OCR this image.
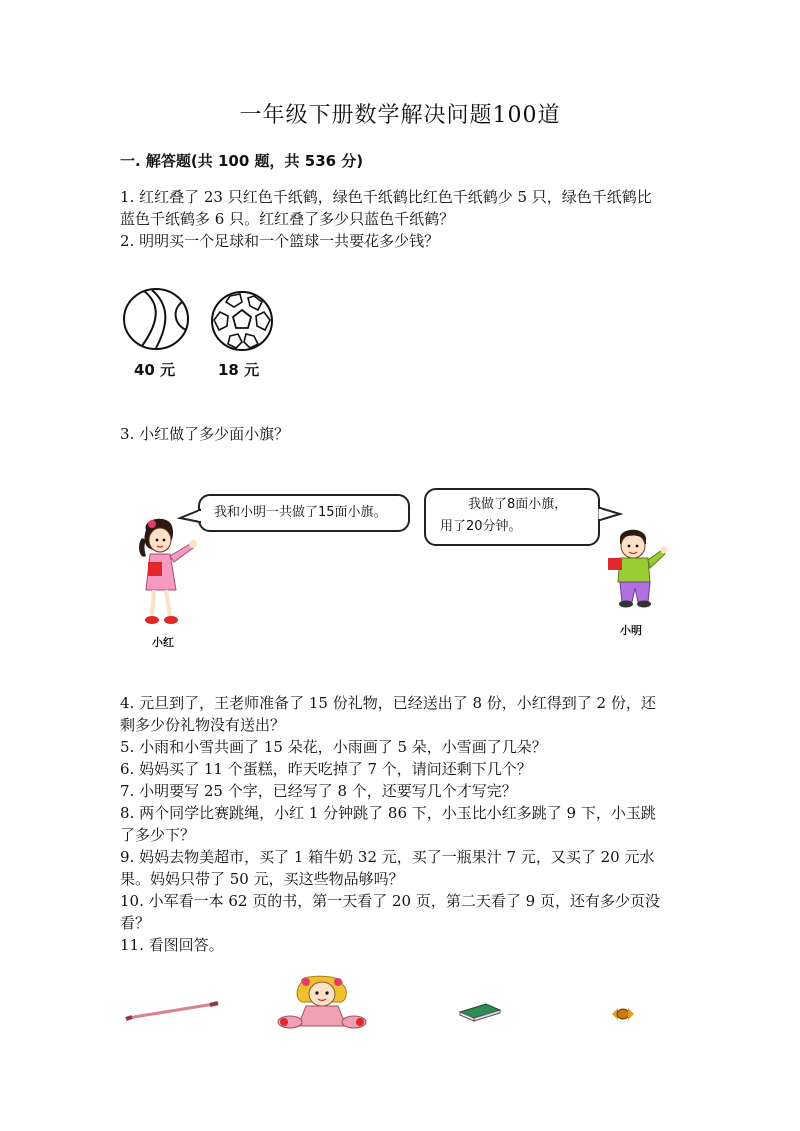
一年级下册数学解决问题100道
一. 解答题(共 100 题，共 536 分)
1. 红红叠了 23 只红色千纸鹤，绿色千纸鹤比红色千纸鹤少 5 只，绿色千纸鹤比
蓝色千纸鹤多 6 只。红红叠了多少只蓝色千纸鹤？
2. 明明买一个足球和一个篮球一共要花多少钱？
40 元	18 元
3. 小红做了多少面小旗？
我和小明一共做了15面小旗。
我做了8面小旗，
用了20分钟。
小红
小明
4. 元旦到了，王老师准备了 15 份礼物，已经送出了 8 份，小红得到了 2 份，还
剩多少份礼物没有送出？
5. 小雨和小雪共画了 15 朵花，小雨画了 5 朵，小雪画了几朵？
6. 妈妈买了 11 个蛋糕，昨天吃掉了 7 个，请问还剩下几个？
7. 小明要写 25 个字，已经写了 8 个，还要写几个才写完？
8. 两个同学比赛跳绳，小红 1 分钟跳了 86 下，小玉比小红多跳了 9 下，小玉跳
了多少下？
9. 妈妈去物美超市，买了 1 箱牛奶 32 元，买了一瓶果汁 7 元，又买了 20 元水
果。妈妈只带了 50 元，买这些物品够吗？
10. 小军看一本 62 页的书，第一天看了 20 页，第二天看了 9 页，还有多少页没
看？
11. 看图回答。
